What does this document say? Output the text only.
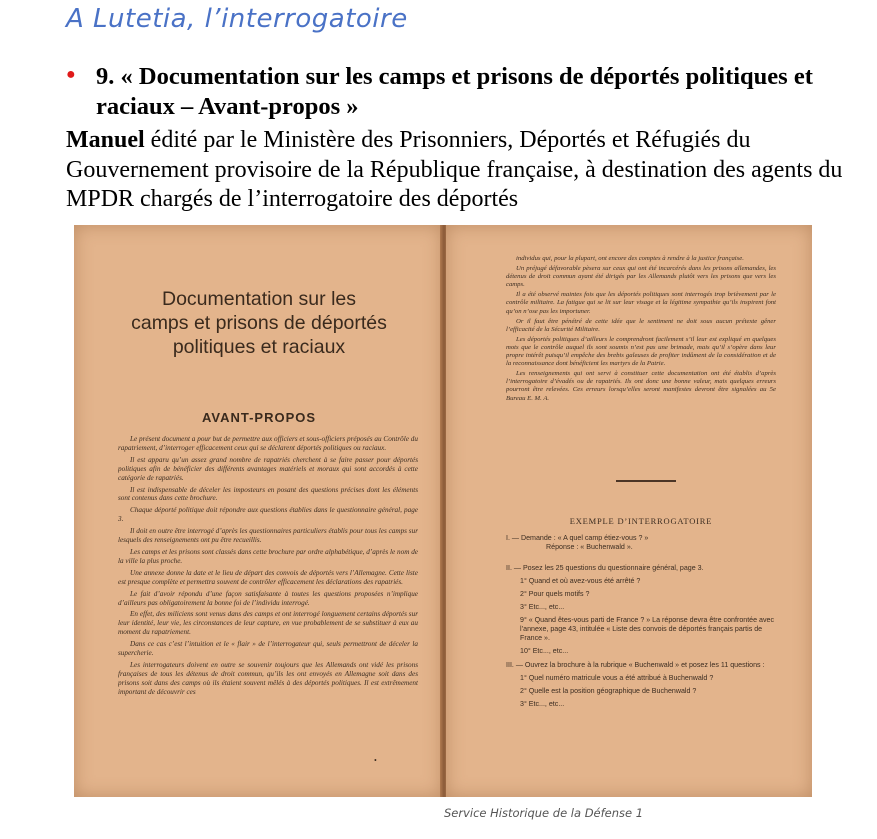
A Lutetia, l’interrogatoire
● 9. « Documentation sur les camps et prisons de déportés politiques et raciaux – Avant-propos »
Manuel édité par le Ministère des Prisonniers, Déportés et Réfugiés du Gouvernement provisoire de la République française, à destination des agents du MPDR chargés de l’interrogatoire des déportés
Documentation sur les
camps et prisons de déportés
politiques et raciaux
AVANT-PROPOS

Le présent document a pour but de permettre aux officiers et sous-officiers préposés au Contrôle du rapatriement, d’interroger efficacement ceux qui se déclarent déportés politiques ou raciaux.

Il est apparu qu’un assez grand nombre de rapatriés cherchent à se faire passer pour déportés politiques afin de bénéficier des différents avantages matériels et moraux qui sont accordés à cette catégorie de rapatriés.

Il est indispensable de déceler les imposteurs en posant des questions précises dont les éléments sont contenus dans cette brochure.

Chaque déporté politique doit répondre aux questions établies dans le questionnaire général, page 3.

Il doit en outre être interrogé d’après les questionnaires particuliers établis pour tous les camps sur lesquels des renseignements ont pu être recueillis.

Les camps et les prisons sont classés dans cette brochure par ordre alphabétique, d’après le nom de la ville la plus proche.

Une annexe donne la date et le lieu de départ des convois de déportés vers l’Allemagne. Cette liste est presque complète et permettra souvent de contrôler efficacement les déclarations des rapatriés.

Le fait d’avoir répondu d’une façon satisfaisante à toutes les questions proposées n’implique d’ailleurs pas obligatoirement la bonne foi de l’individu interrogé.

En effet, des miliciens sont venus dans des camps et ont interrogé longuement certains déportés sur leur identité, leur vie, les circonstances de leur capture, en vue probablement de se substituer à eux au moment du rapatriement.

Dans ce cas c’est l’intuition et le « flair » de l’interrogateur qui, seuls permettront de déceler la supercherie.

Les interrogateurs doivent en outre se souvenir toujours que les Allemands ont vidé les prisons françaises de tous les détenus de droit commun, qu’ils les ont envoyés en Allemagne soit dans des prisons soit dans des camps où ils étaient souvent mêlés à des déportés politiques. Il est extrêmement important de découvrir ces

•

individus qui, pour la plupart, ont encore des comptes à rendre à la justice française.

Un préjugé défavorable pèsera sur ceux qui ont été incarcérés dans les prisons allemandes, les détenus de droit commun ayant été dirigés par les Allemands plutôt vers les prisons que vers les camps.

Il a été observé maintes fois que les déportés politiques sont interrogés trop brièvement par le contrôle militaire. La fatigue qui se lit sur leur visage et la légitime sympathie qu’ils inspirent font qu’on n’ose pas les importuner.

Or il faut être pénétré de cette idée que le sentiment ne doit sous aucun prétexte gêner l’efficacité de la Sécurité Militaire.

Les déportés politiques d’ailleurs le comprendront facilement s’il leur est expliqué en quelques mots que le contrôle auquel ils sont soumis n’est pas une brimade, mais qu’il s’opère dans leur propre intérêt puisqu’il empêche des brebis galeuses de profiter indûment de la considération et de la reconnaissance dont bénéficient les martyrs de la Patrie.

Les renseignements qui ont servi à constituer cette documentation ont été établis d’après l’interrogatoire d’évadés ou de rapatriés. Ils ont donc une bonne valeur, mais quelques erreurs pourront être relevées. Ces erreurs lorsqu’elles seront manifestes devront être signalées au 5e Bureau E. M. A.

EXEMPLE D’INTERROGATOIRE
I. — Demande : « A quel camp étiez-vous ? »
Réponse : « Buchenwald ».
II. — Posez les 25 questions du questionnaire général, page 3.
1° Quand et où avez-vous été arrêté ?
2° Pour quels motifs ?
3° Etc..., etc...
9° « Quand êtes-vous parti de France ? » La réponse devra être confrontée avec l’annexe, page 43, intitulée « Liste des convois de déportés français partis de France ».
10° Etc..., etc...
III. — Ouvrez la brochure à la rubrique « Buchenwald » et posez les 11 questions :
1° Quel numéro matricule vous a été attribué à Buchenwald ?
2° Quelle est la position géographique de Buchenwald ?
3° Etc..., etc...
Service Historique de la Défense 1
